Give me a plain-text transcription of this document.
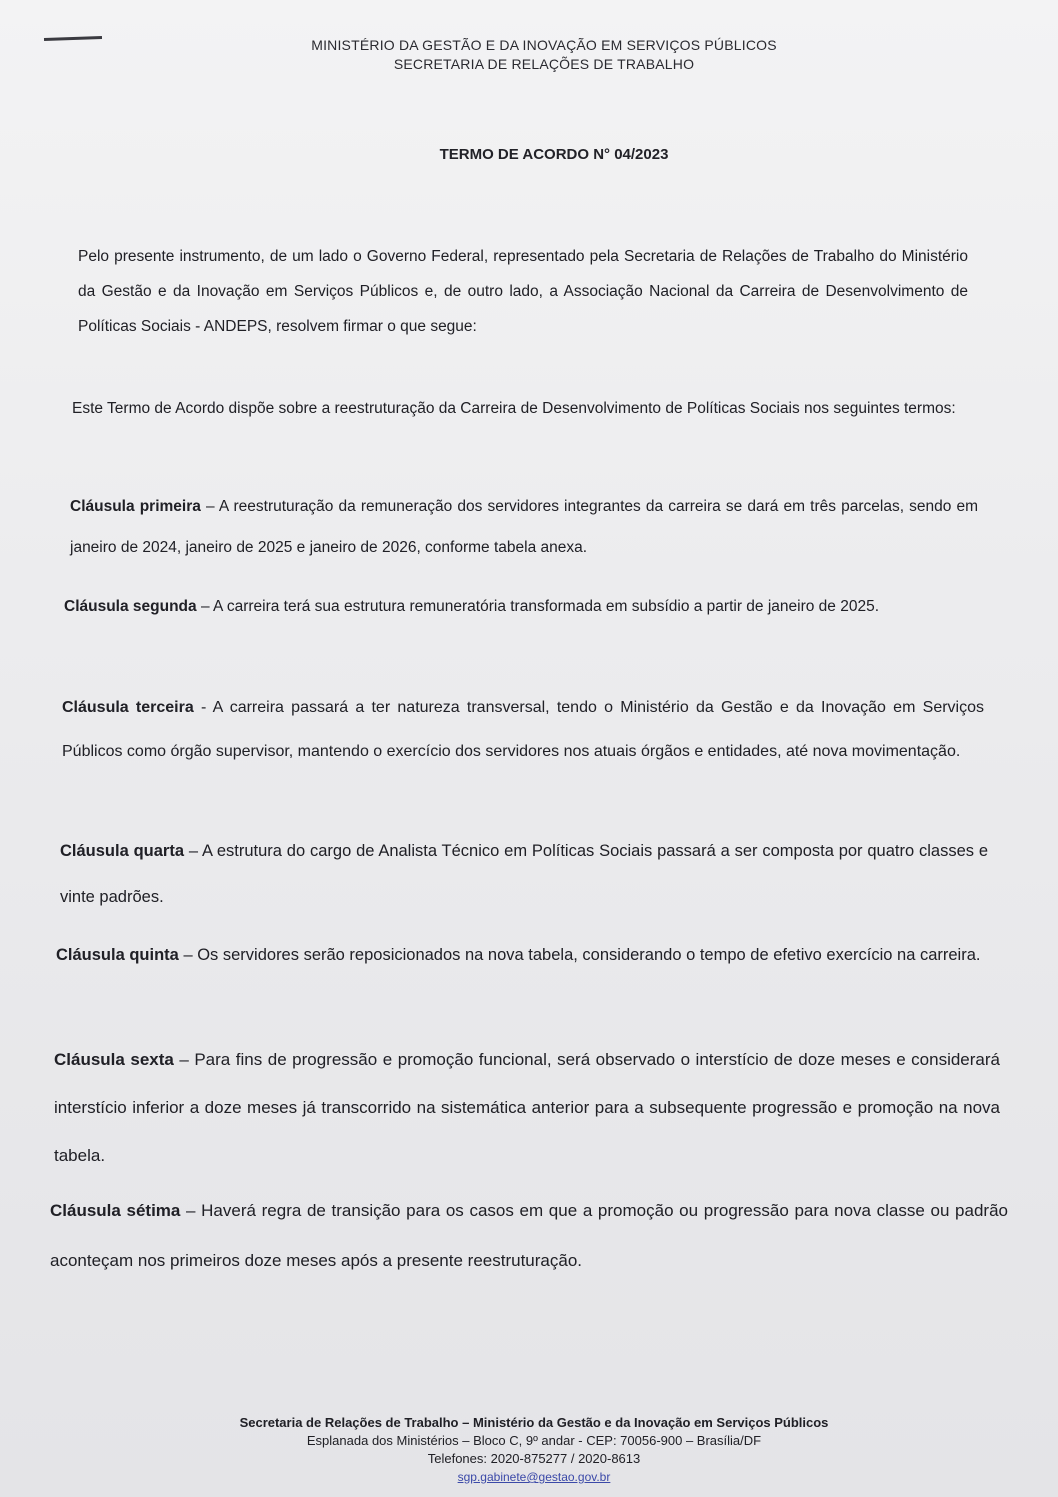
MINISTÉRIO DA GESTÃO E DA INOVAÇÃO EM SERVIÇOS PÚBLICOS
SECRETARIA DE RELAÇÕES DE TRABALHO
TERMO DE ACORDO N° 04/2023
Pelo presente instrumento, de um lado o Governo Federal, representado pela Secretaria de Relações de Trabalho do Ministério da Gestão e da Inovação em Serviços Públicos e, de outro lado, a Associação Nacional da Carreira de Desenvolvimento de Políticas Sociais - ANDEPS, resolvem firmar o que segue:
Este Termo de Acordo dispõe sobre a reestruturação da Carreira de Desenvolvimento de Políticas Sociais nos seguintes termos:
Cláusula primeira – A reestruturação da remuneração dos servidores integrantes da carreira se dará em três parcelas, sendo em janeiro de 2024, janeiro de 2025 e janeiro de 2026, conforme tabela anexa.
Cláusula segunda – A carreira terá sua estrutura remuneratória transformada em subsídio a partir de janeiro de 2025.
Cláusula terceira - A carreira passará a ter natureza transversal, tendo o Ministério da Gestão e da Inovação em Serviços Públicos como órgão supervisor, mantendo o exercício dos servidores nos atuais órgãos e entidades, até nova movimentação.
Cláusula quarta – A estrutura do cargo de Analista Técnico em Políticas Sociais passará a ser composta por quatro classes e vinte padrões.
Cláusula quinta – Os servidores serão reposicionados na nova tabela, considerando o tempo de efetivo exercício na carreira.
Cláusula sexta – Para fins de progressão e promoção funcional, será observado o interstício de doze meses e considerará interstício inferior a doze meses já transcorrido na sistemática anterior para a subsequente progressão e promoção na nova tabela.
Cláusula sétima – Haverá regra de transição para os casos em que a promoção ou progressão para nova classe ou padrão aconteçam nos primeiros doze meses após a presente reestruturação.
Secretaria de Relações de Trabalho – Ministério da Gestão e da Inovação em Serviços Públicos
Esplanada dos Ministérios – Bloco C, 9º andar - CEP: 70056-900 – Brasília/DF
Telefones: 2020-875277 / 2020-8613
sgp.gabinete@gestao.gov.br
